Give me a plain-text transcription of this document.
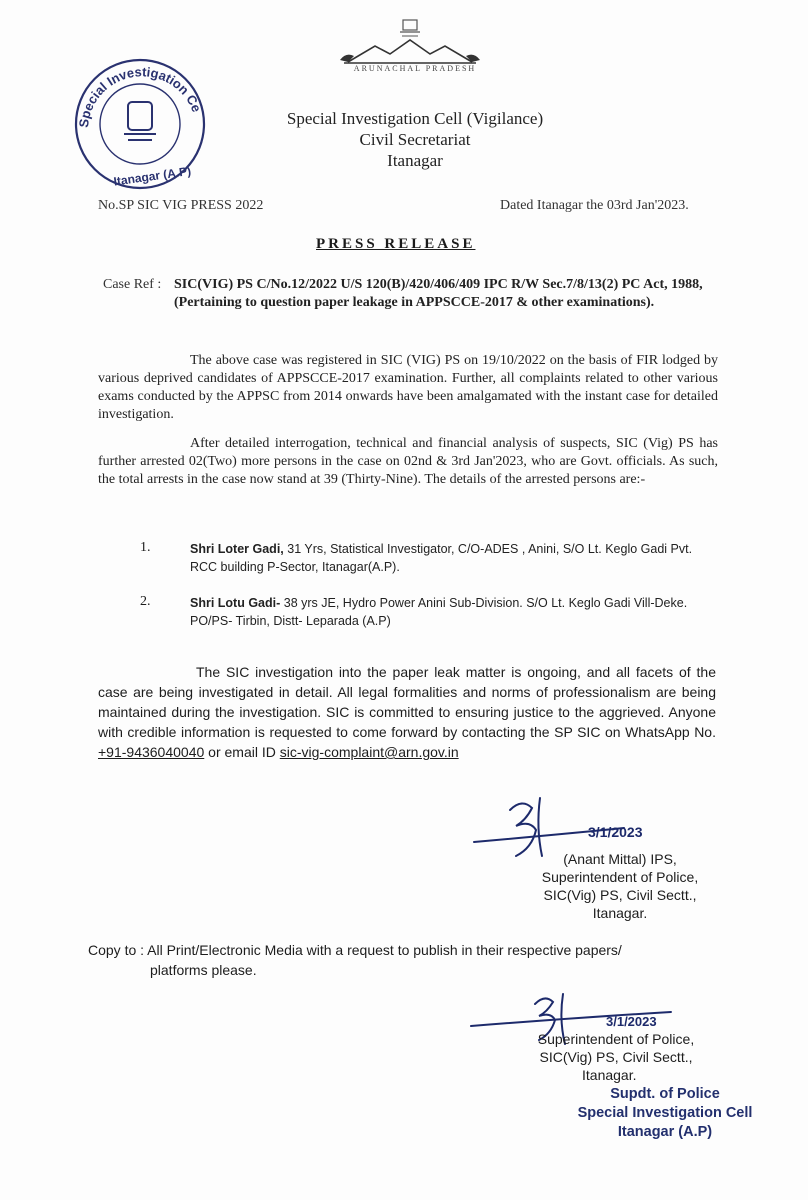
ARUNACHAL PRADESH
Special Investigation Ce
Itanagar (A.P)
Special Investigation Cell (Vigilance)
Civil Secretariat
Itanagar
No.SP SIC VIG PRESS 2022	Dated Itanagar the 03rd Jan'2023.
PRESS RELEASE
Case Ref : SIC(VIG) PS C/No.12/2022 U/S 120(B)/420/406/409 IPC R/W Sec.7/8/13(2) PC Act, 1988, (Pertaining to question paper leakage in APPSCCE-2017 & other examinations).
The above case was registered in SIC (VIG) PS on 19/10/2022 on the basis of FIR lodged by various deprived candidates of APPSCCE-2017 examination. Further, all complaints related to other various exams conducted by the APPSC from 2014 onwards have been amalgamated with the instant case for detailed investigation.
After detailed interrogation, technical and financial analysis of suspects, SIC (Vig) PS has further arrested 02(Two) more persons in the case on 02nd & 3rd Jan'2023, who are Govt. officials. As such, the total arrests in the case now stand at 39 (Thirty-Nine). The details of the arrested persons are:-
1.	Shri Loter Gadi, 31 Yrs, Statistical Investigator, C/O-ADES , Anini, S/O Lt. Keglo Gadi Pvt. RCC building P-Sector, Itanagar(A.P).
2.	Shri Lotu Gadi- 38 yrs JE, Hydro Power Anini Sub-Division. S/O Lt. Keglo Gadi Vill-Deke. PO/PS- Tirbin, Distt- Leparada (A.P)
The SIC investigation into the paper leak matter is ongoing, and all facets of the case are being investigated in detail. All legal formalities and norms of professionalism are being maintained during the investigation. SIC is committed to ensuring justice to the aggrieved. Anyone with credible information is requested to come forward by contacting the SP SIC on WhatsApp No. +91-9436040040 or email ID sic-vig-complaint@arn.gov.in
3/1/2023
(Anant Mittal) IPS,
Superintendent of Police,
SIC(Vig) PS, Civil Sectt.,
Itanagar.
Copy to : All Print/Electronic Media with a request to publish in their respective papers/
platforms please.
3/1/2023
Superintendent of Police,
SIC(Vig) PS, Civil Sectt.,
Itanagar.
Supdt. of Police
Special Investigation Cell
Itanagar (A.P)
